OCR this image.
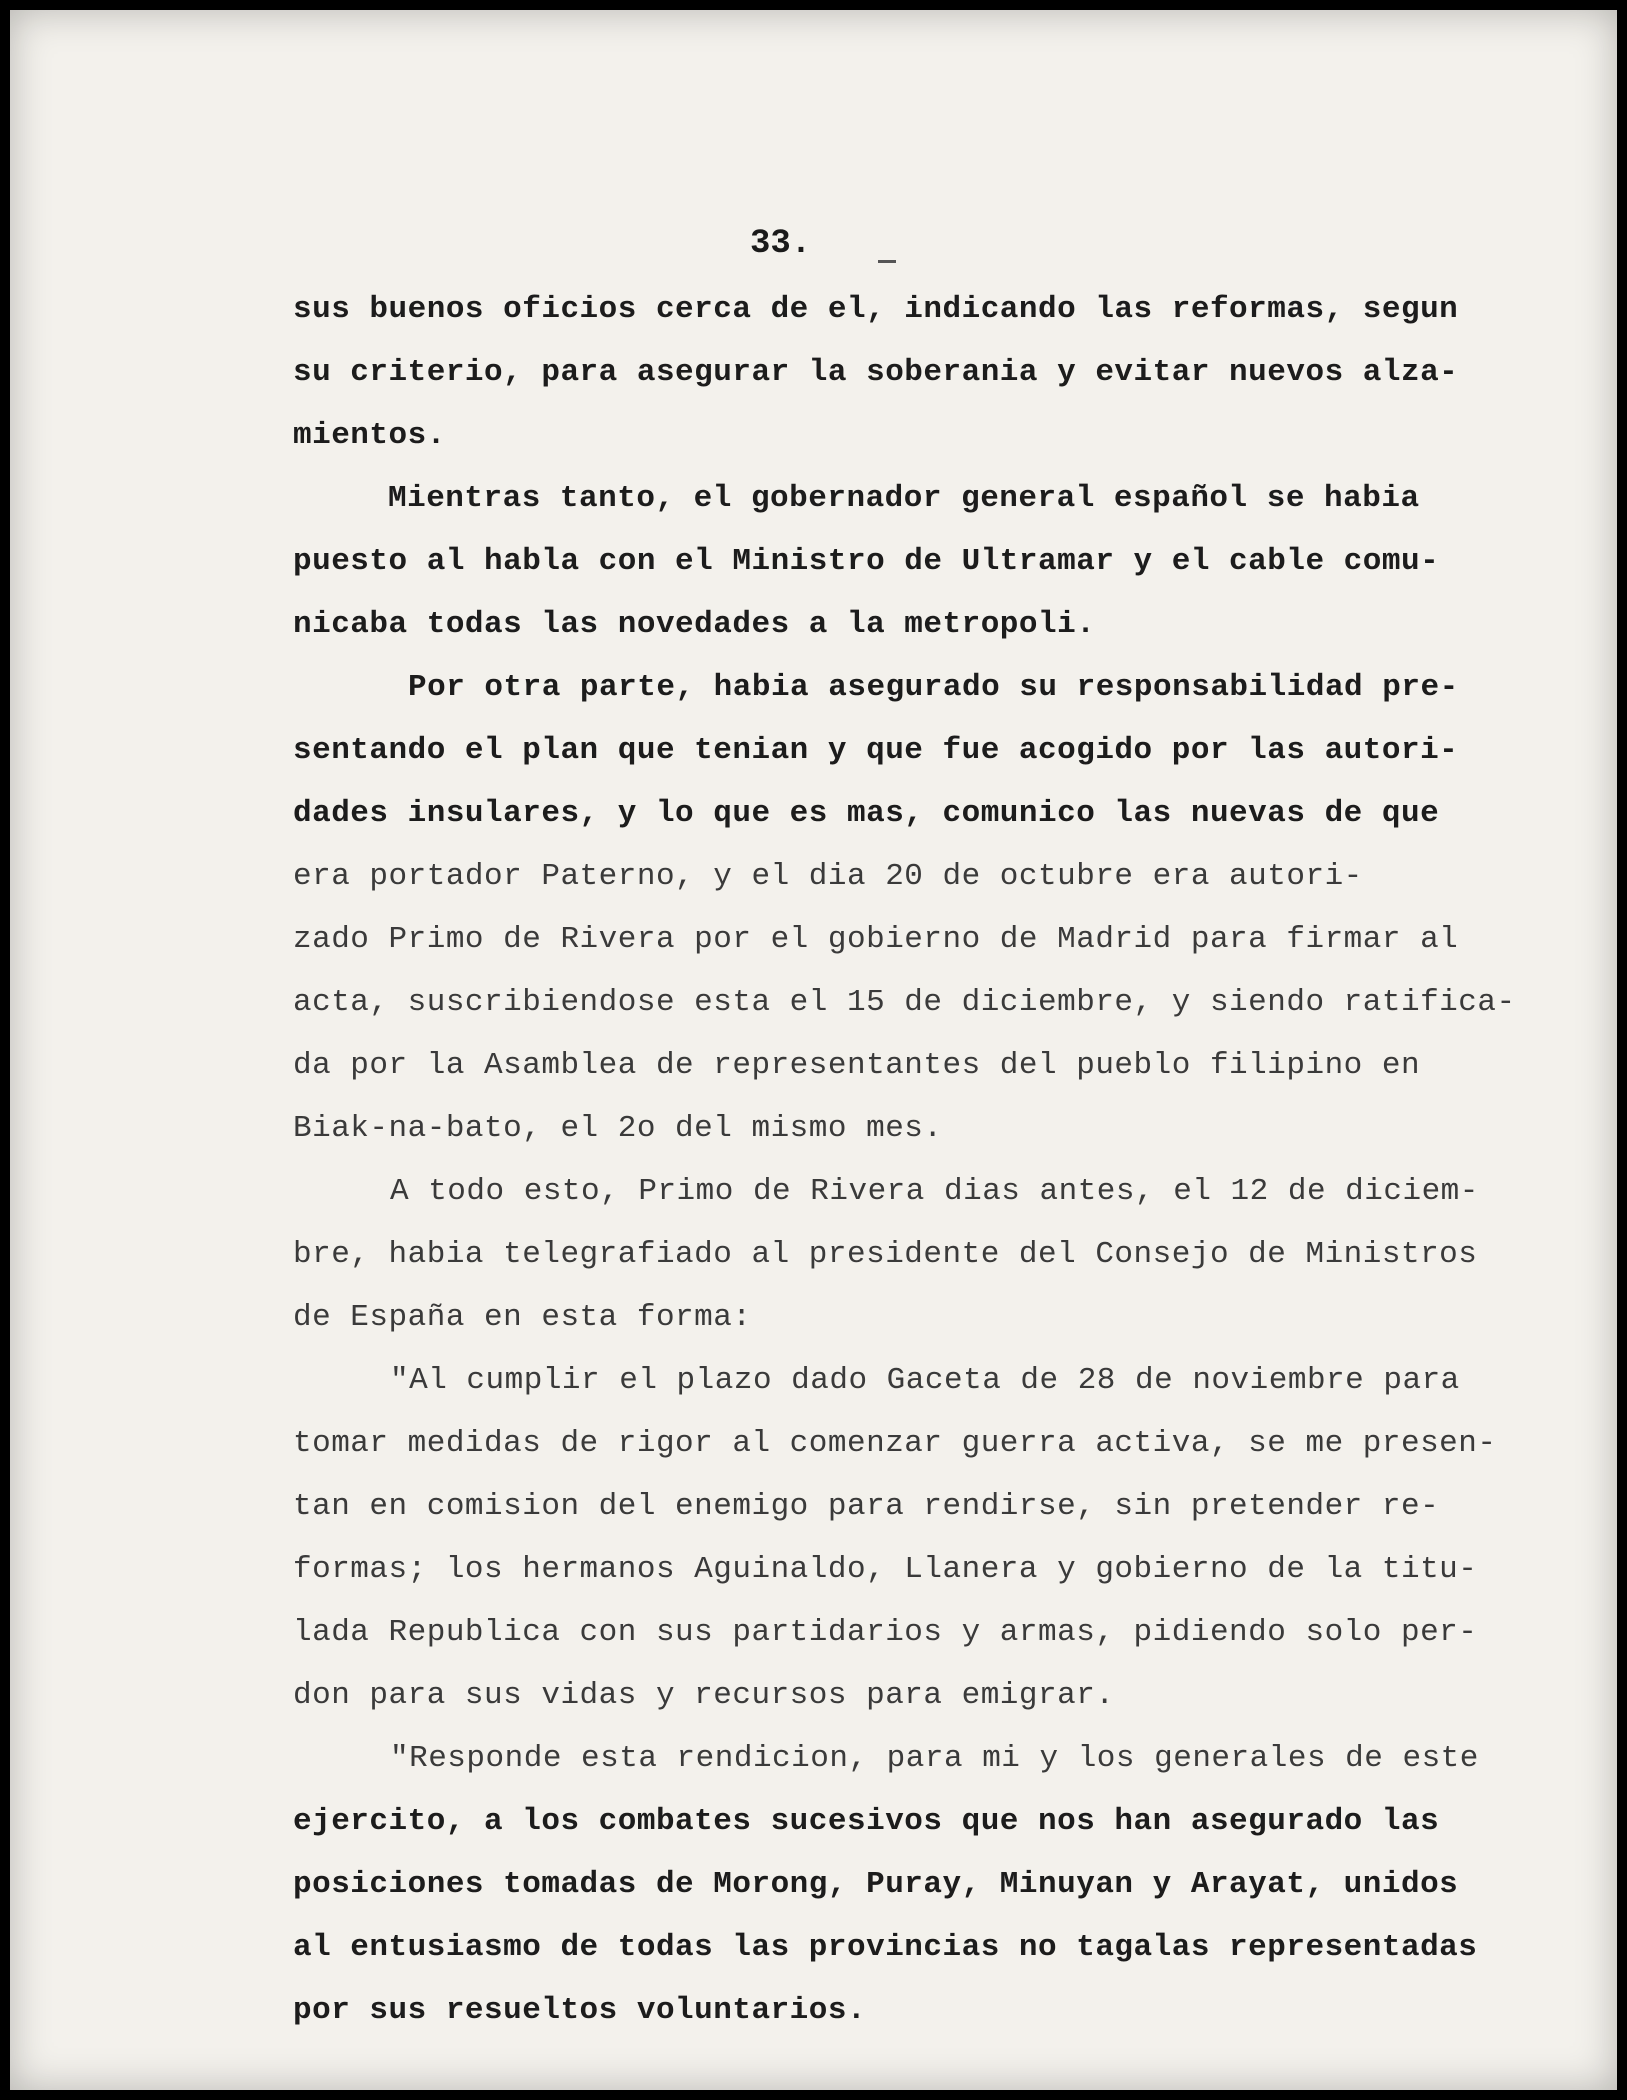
33.
sus buenos oficios cerca de el, indicando las reformas, segun
su criterio, para asegurar la soberania y evitar nuevos alza-
mientos.
Mientras tanto, el gobernador general español se habia
puesto al habla con el Ministro de Ultramar y el cable comu-
nicaba todas las novedades a la metropoli.
Por otra parte, habia asegurado su responsabilidad pre-
sentando el plan que tenian y que fue acogido por las autori-
dades insulares, y lo que es mas, comunico las nuevas de que
era portador Paterno, y el dia 20 de octubre era autori-
zado Primo de Rivera por el gobierno de Madrid para firmar al
acta, suscribiendose esta el 15 de diciembre, y siendo ratifica-
da por la Asamblea de representantes del pueblo filipino en
Biak-na-bato, el 2o del mismo mes.
A todo esto, Primo de Rivera dias antes, el 12 de diciem-
bre, habia telegrafiado al presidente del Consejo de Ministros
de España en esta forma:
"Al cumplir el plazo dado Gaceta de 28 de noviembre para
tomar medidas de rigor al comenzar guerra activa, se me presen-
tan en comision del enemigo para rendirse, sin pretender re-
formas; los hermanos Aguinaldo, Llanera y gobierno de la titu-
lada Republica con sus partidarios y armas, pidiendo solo per-
don para sus vidas y recursos para emigrar.
"Responde esta rendicion, para mi y los generales de este
ejercito, a los combates sucesivos que nos han asegurado las
posiciones tomadas de Morong, Puray, Minuyan y Arayat, unidos
al entusiasmo de todas las provincias no tagalas representadas
por sus resueltos voluntarios.
